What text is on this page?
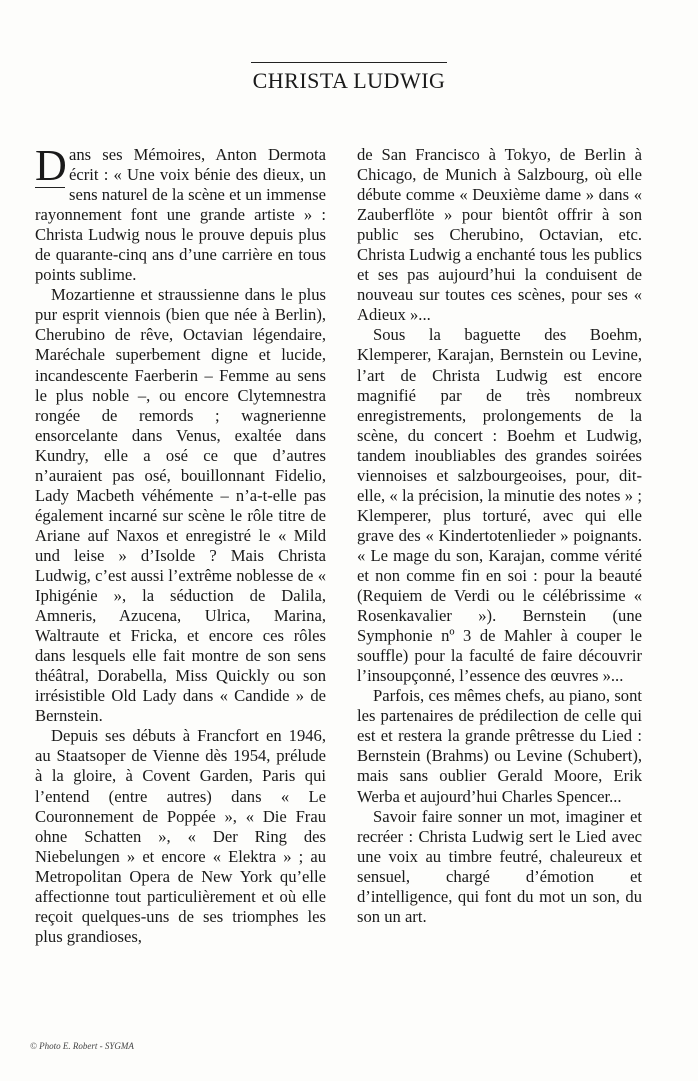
CHRISTA LUDWIG

D ans ses Mémoires, Anton Dermota écrit : « Une voix bénie des dieux, un sens naturel de la scène et un immense rayonnement font une grande artiste » : Christa Ludwig nous le prouve depuis plus de quarante-cinq ans d’une carrière en tous points sublime.

Mozartienne et straussienne dans le plus pur esprit viennois (bien que née à Berlin), Cherubino de rêve, Octavian légendaire, Maréchale superbement digne et lucide, incandescente Faerberin – Femme au sens le plus noble –, ou encore Clytemnestra rongée de remords ; wagnerienne ensorcelante dans Venus, exaltée dans Kundry, elle a osé ce que d’autres n’auraient pas osé, bouillonnant Fidelio, Lady Macbeth véhémente – n’a-t-elle pas également incarné sur scène le rôle titre de Ariane auf Naxos et enregistré le « Mild und leise » d’Isolde ? Mais Christa Ludwig, c’est aussi l’extrême noblesse de « Iphigénie », la séduction de Dalila, Amneris, Azucena, Ulrica, Marina, Waltraute et Fricka, et encore ces rôles dans lesquels elle fait montre de son sens théâtral, Dorabella, Miss Quickly ou son irrésistible Old Lady dans « Candide » de Bernstein.

Depuis ses débuts à Francfort en 1946, au Staatsoper de Vienne dès 1954, prélude à la gloire, à Covent Garden, Paris qui l’entend (entre autres) dans « Le Couronnement de Poppée », « Die Frau ohne Schatten », « Der Ring des Niebelungen » et encore « Elektra » ; au Metropolitan Opera de New York qu’elle affectionne tout particulièrement et où elle reçoit quelques-uns de ses triomphes les plus grandioses,

de San Francisco à Tokyo, de Berlin à Chicago, de Munich à Salzbourg, où elle débute comme « Deuxième dame » dans « Zauberflöte » pour bientôt offrir à son public ses Cherubino, Octavian, etc. Christa Ludwig a enchanté tous les publics et ses pas aujourd’hui la conduisent de nouveau sur toutes ces scènes, pour ses « Adieux »...

Sous la baguette des Boehm, Klemperer, Karajan, Bernstein ou Levine, l’art de Christa Ludwig est encore magnifié par de très nombreux enregistrements, prolongements de la scène, du concert : Boehm et Ludwig, tandem inoubliables des grandes soirées viennoises et salzbourgeoises, pour, dit-elle, « la précision, la minutie des notes » ; Klemperer, plus torturé, avec qui elle grave des « Kindertotenlieder » poignants. « Le mage du son, Karajan, comme vérité et non comme fin en soi : pour la beauté (Requiem de Verdi ou le célébrissime « Rosenkavalier »). Bernstein (une Symphonie nº 3 de Mahler à couper le souffle) pour la faculté de faire découvrir l’insoupçonné, l’essence des œuvres »...

Parfois, ces mêmes chefs, au piano, sont les partenaires de prédilection de celle qui est et restera la grande prêtresse du Lied : Bernstein (Brahms) ou Levine (Schubert), mais sans oublier Gerald Moore, Erik Werba et aujourd’hui Charles Spencer...

Savoir faire sonner un mot, imaginer et recréer : Christa Ludwig sert le Lied avec une voix au timbre feutré, chaleureux et sensuel, chargé d’émotion et d’intelligence, qui font du mot un son, du son un art.

© Photo E. Robert - SYGMA
